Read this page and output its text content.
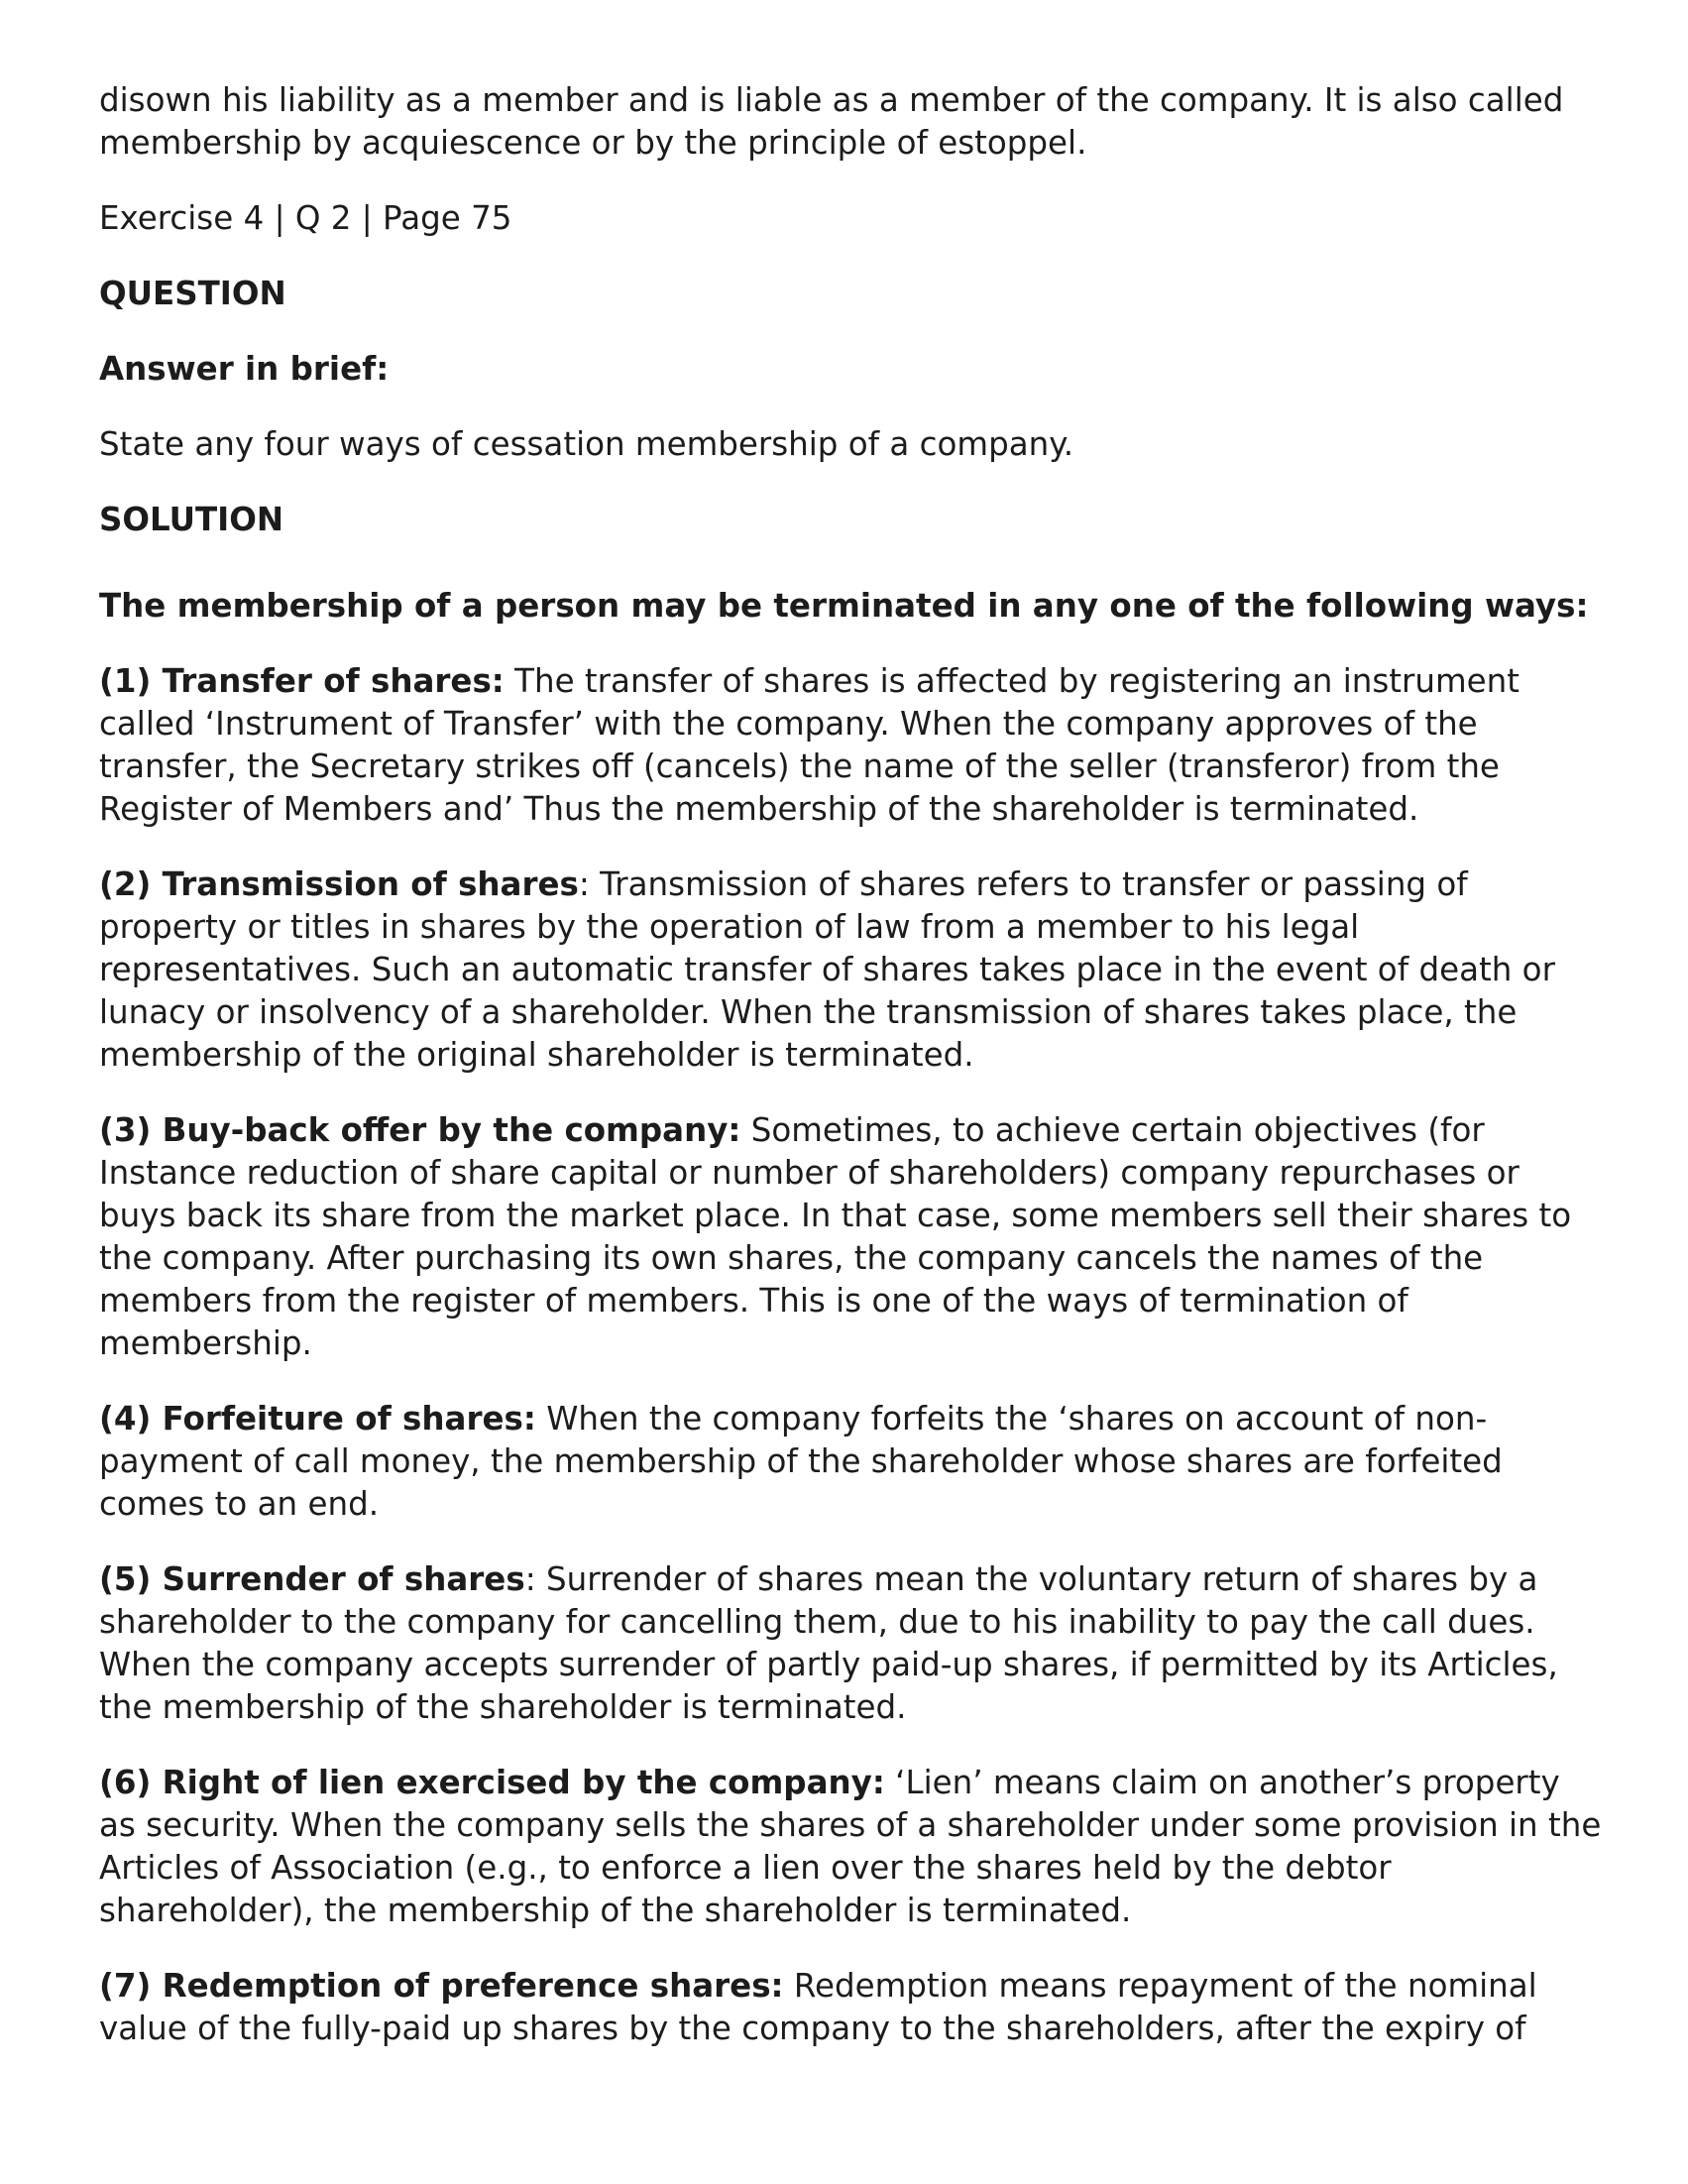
disown his liability as a member and is liable as a member of the company. It is also called membership by acquiescence or by the principle of estoppel.

Exercise 4 | Q 2 | Page 75

QUESTION

Answer in brief:

State any four ways of cessation membership of a company.

SOLUTION

The membership of a person may be terminated in any one of the following ways:

(1) Transfer of shares: The transfer of shares is affected by registering an instrument called ‘Instrument of Transfer’ with the company. When the company approves of the transfer, the Secretary strikes off (cancels) the name of the seller (transferor) from the Register of Members and’ Thus the membership of the shareholder is terminated.

(2) Transmission of shares: Transmission of shares refers to transfer or passing of property or titles in shares by the operation of law from a member to his legal representatives. Such an automatic transfer of shares takes place in the event of death or lunacy or insolvency of a shareholder. When the transmission of shares takes place, the membership of the original shareholder is terminated.

(3) Buy-back offer by the company: Sometimes, to achieve certain objectives (for Instance reduction of share capital or number of shareholders) company repurchases or buys back its share from the market place. In that case, some members sell their shares to the company. After purchasing its own shares, the company cancels the names of the members from the register of members. This is one of the ways of termination of membership.

(4) Forfeiture of shares: When the company forfeits the ‘shares on account of non-payment of call money, the membership of the shareholder whose shares are forfeited comes to an end.

(5) Surrender of shares: Surrender of shares mean the voluntary return of shares by a shareholder to the company for cancelling them, due to his inability to pay the call dues. When the company accepts surrender of partly paid-up shares, if permitted by its Articles, the membership of the shareholder is terminated.

(6) Right of lien exercised by the company: ‘Lien’ means claim on another’s property as security. When the company sells the shares of a shareholder under some provision in the Articles of Association (e.g., to enforce a lien over the shares held by the debtor shareholder), the membership of the shareholder is terminated.

(7) Redemption of preference shares: Redemption means repayment of the nominal value of the fully-paid up shares by the company to the shareholders, after the expiry of
